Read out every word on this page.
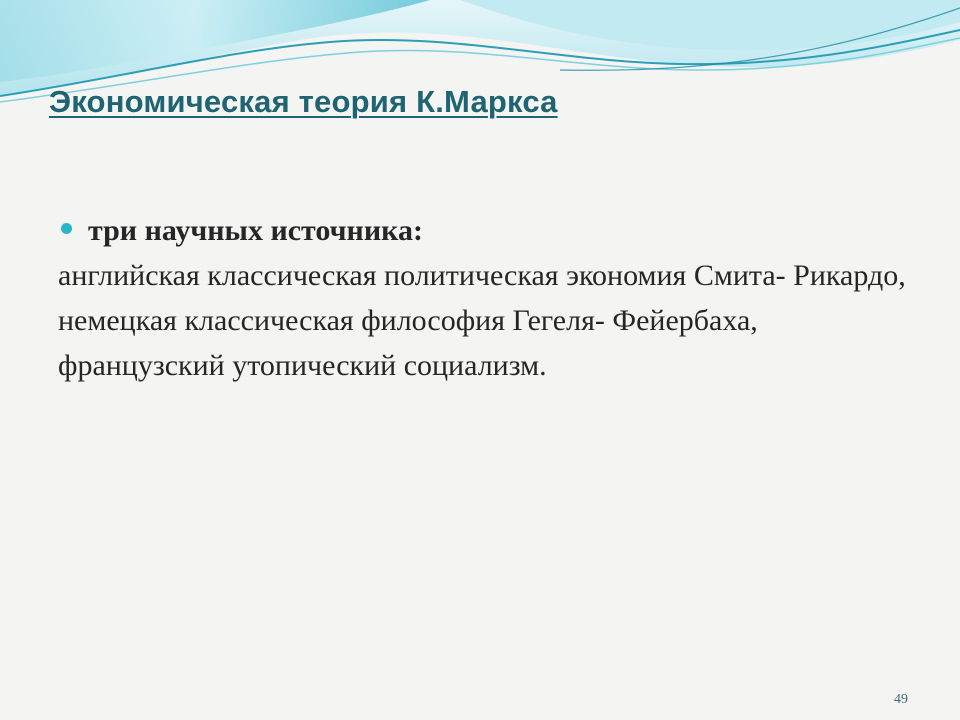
Экономическая теория К.Маркса
три научных источника:

английская классическая политическая экономия Смита- Рикардо,

немецкая классическая философия Гегеля- Фейербаха,

французский утопический социализм.

49
